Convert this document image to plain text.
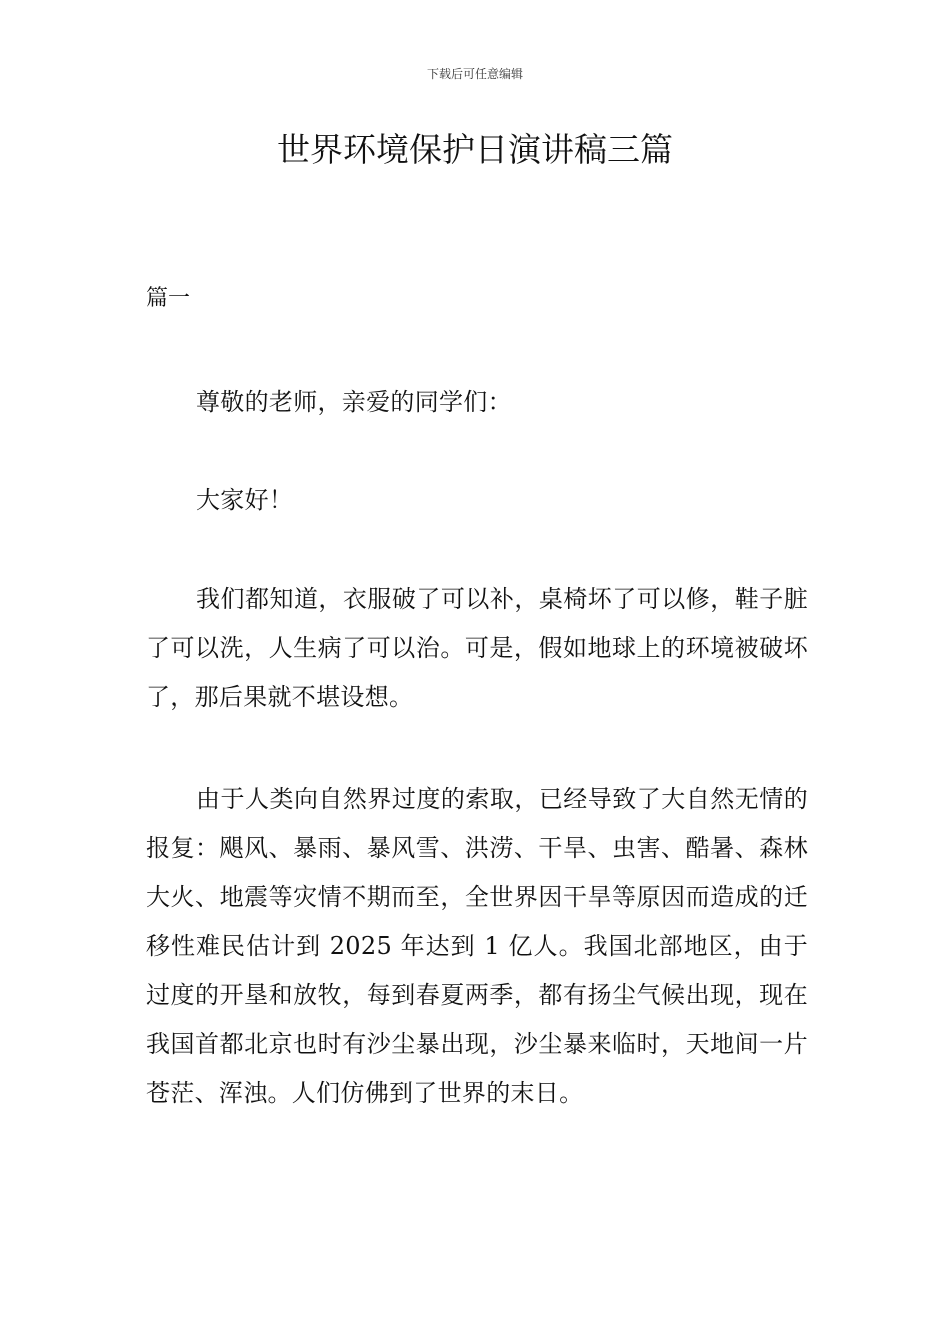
下载后可任意编辑
世界环境保护日演讲稿三篇

篇一

尊敬的老师，亲爱的同学们：

大家好！

我们都知道，衣服破了可以补，桌椅坏了可以修，鞋子脏了可以洗，人生病了可以治。可是，假如地球上的环境被破坏了，那后果就不堪设想。

由于人类向自然界过度的索取，已经导致了大自然无情的报复：飓风、暴雨、暴风雪、洪涝、干旱、虫害、酷暑、森林大火、地震等灾情不期而至，全世界因干旱等原因而造成的迁移性难民估计到 2025 年达到 1 亿人。我国北部地区，由于过度的开垦和放牧，每到春夏两季，都有扬尘气候出现，现在我国首都北京也时有沙尘暴出现，沙尘暴来临时，天地间一片苍茫、浑浊。人们仿佛到了世界的末日。
